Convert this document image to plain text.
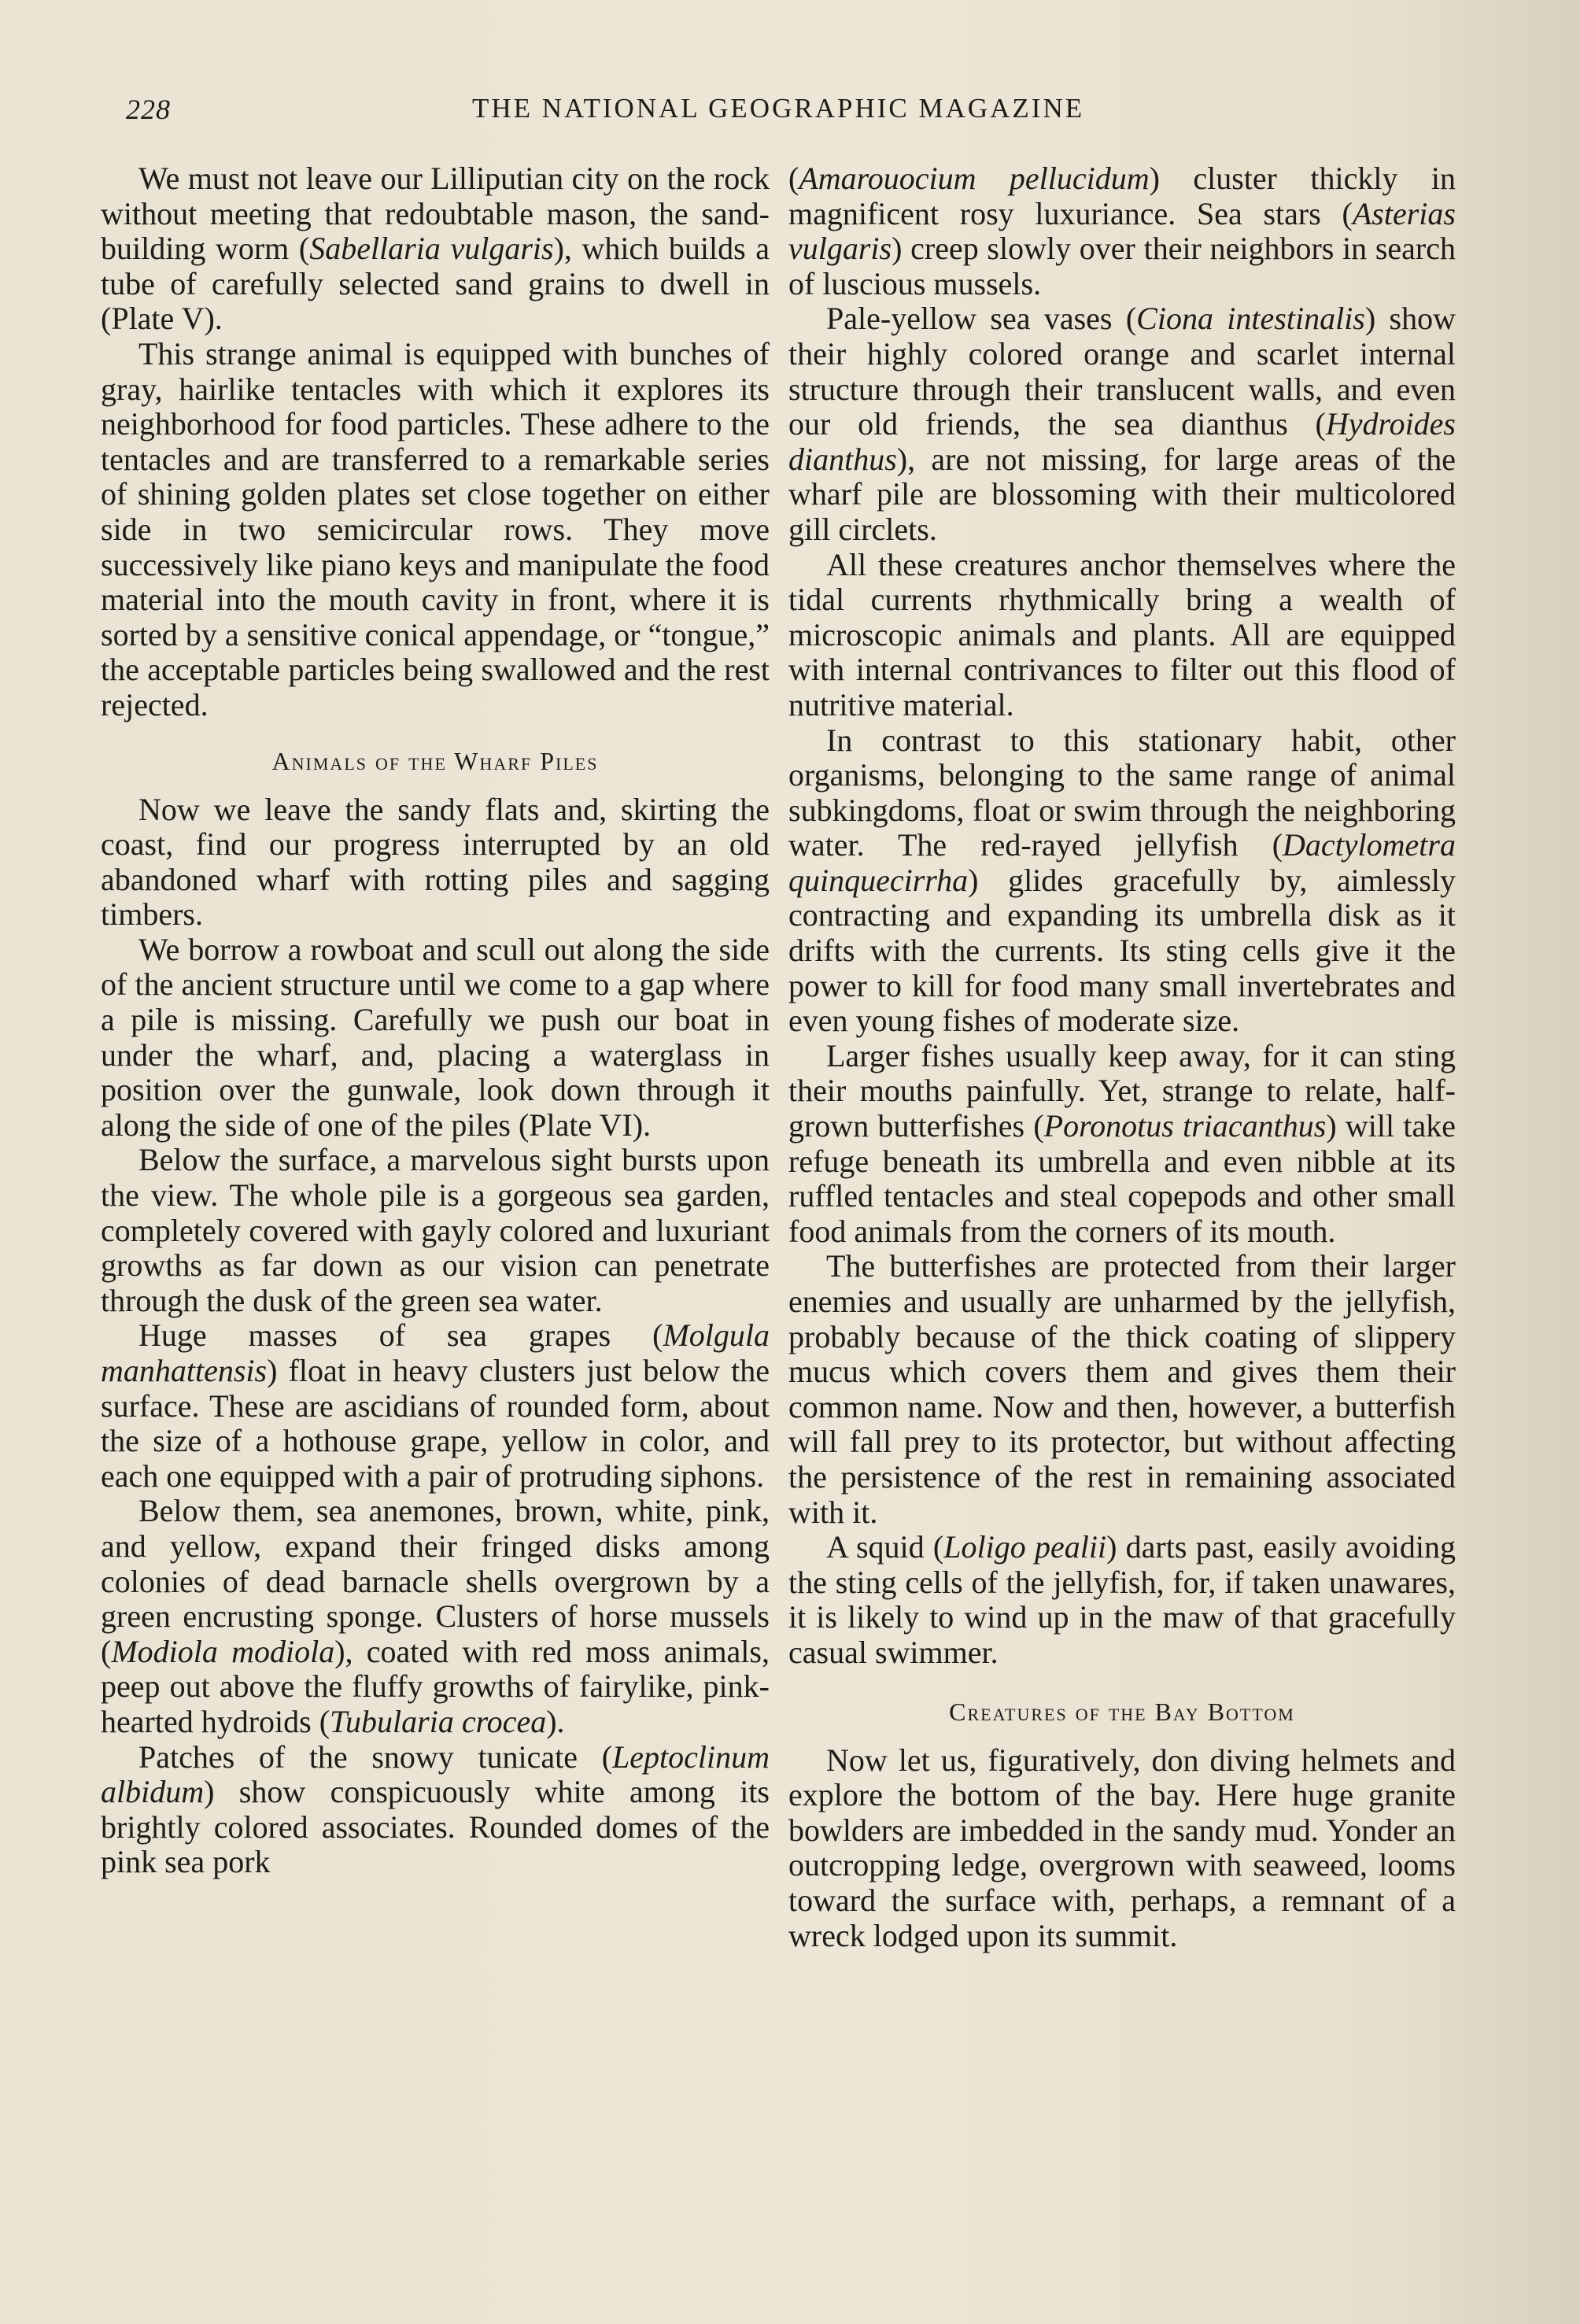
228	THE NATIONAL GEOGRAPHIC MAGAZINE

We must not leave our Lilliputian city on the rock without meeting that redoubtable mason, the sand-building worm (Sabellaria vulgaris), which builds a tube of carefully selected sand grains to dwell in (Plate V).

This strange animal is equipped with bunches of gray, hairlike tentacles with which it explores its neighborhood for food particles. These adhere to the tentacles and are transferred to a remarkable series of shining golden plates set close together on either side in two semicircular rows. They move successively like piano keys and manipulate the food material into the mouth cavity in front, where it is sorted by a sensitive conical appendage, or “tongue,” the acceptable particles being swallowed and the rest rejected.

Animals of the Wharf Piles

Now we leave the sandy flats and, skirting the coast, find our progress interrupted by an old abandoned wharf with rotting piles and sagging timbers.

We borrow a rowboat and scull out along the side of the ancient structure until we come to a gap where a pile is missing. Carefully we push our boat in under the wharf, and, placing a waterglass in position over the gunwale, look down through it along the side of one of the piles (Plate VI).

Below the surface, a marvelous sight bursts upon the view. The whole pile is a gorgeous sea garden, completely covered with gayly colored and luxuriant growths as far down as our vision can penetrate through the dusk of the green sea water.

Huge masses of sea grapes (Molgula manhattensis) float in heavy clusters just below the surface. These are ascidians of rounded form, about the size of a hothouse grape, yellow in color, and each one equipped with a pair of protruding siphons.

Below them, sea anemones, brown, white, pink, and yellow, expand their fringed disks among colonies of dead barnacle shells overgrown by a green encrusting sponge. Clusters of horse mussels (Modiola modiola), coated with red moss animals, peep out above the fluffy growths of fairylike, pink-hearted hydroids (Tubularia crocea).

Patches of the snowy tunicate (Leptoclinum albidum) show conspicuously white among its brightly colored associates. Rounded domes of the pink sea pork

(Amarouocium pellucidum) cluster thickly in magnificent rosy luxuriance. Sea stars (Asterias vulgaris) creep slowly over their neighbors in search of luscious mussels.

Pale-yellow sea vases (Ciona intestinalis) show their highly colored orange and scarlet internal structure through their translucent walls, and even our old friends, the sea dianthus (Hydroides dianthus), are not missing, for large areas of the wharf pile are blossoming with their multicolored gill circlets.

All these creatures anchor themselves where the tidal currents rhythmically bring a wealth of microscopic animals and plants. All are equipped with internal contrivances to filter out this flood of nutritive material.

In contrast to this stationary habit, other organisms, belonging to the same range of animal subkingdoms, float or swim through the neighboring water. The red-rayed jellyfish (Dactylometra quinquecirrha) glides gracefully by, aimlessly contracting and expanding its umbrella disk as it drifts with the currents. Its sting cells give it the power to kill for food many small invertebrates and even young fishes of moderate size.

Larger fishes usually keep away, for it can sting their mouths painfully. Yet, strange to relate, half-grown butterfishes (Poronotus triacanthus) will take refuge beneath its umbrella and even nibble at its ruffled tentacles and steal copepods and other small food animals from the corners of its mouth.

The butterfishes are protected from their larger enemies and usually are unharmed by the jellyfish, probably because of the thick coating of slippery mucus which covers them and gives them their common name. Now and then, however, a butterfish will fall prey to its protector, but without affecting the persistence of the rest in remaining associated with it.

A squid (Loligo pealii) darts past, easily avoiding the sting cells of the jellyfish, for, if taken unawares, it is likely to wind up in the maw of that gracefully casual swimmer.

Creatures of the Bay Bottom

Now let us, figuratively, don diving helmets and explore the bottom of the bay. Here huge granite bowlders are imbedded in the sandy mud. Yonder an outcropping ledge, overgrown with seaweed, looms toward the surface with, perhaps, a remnant of a wreck lodged upon its summit.
